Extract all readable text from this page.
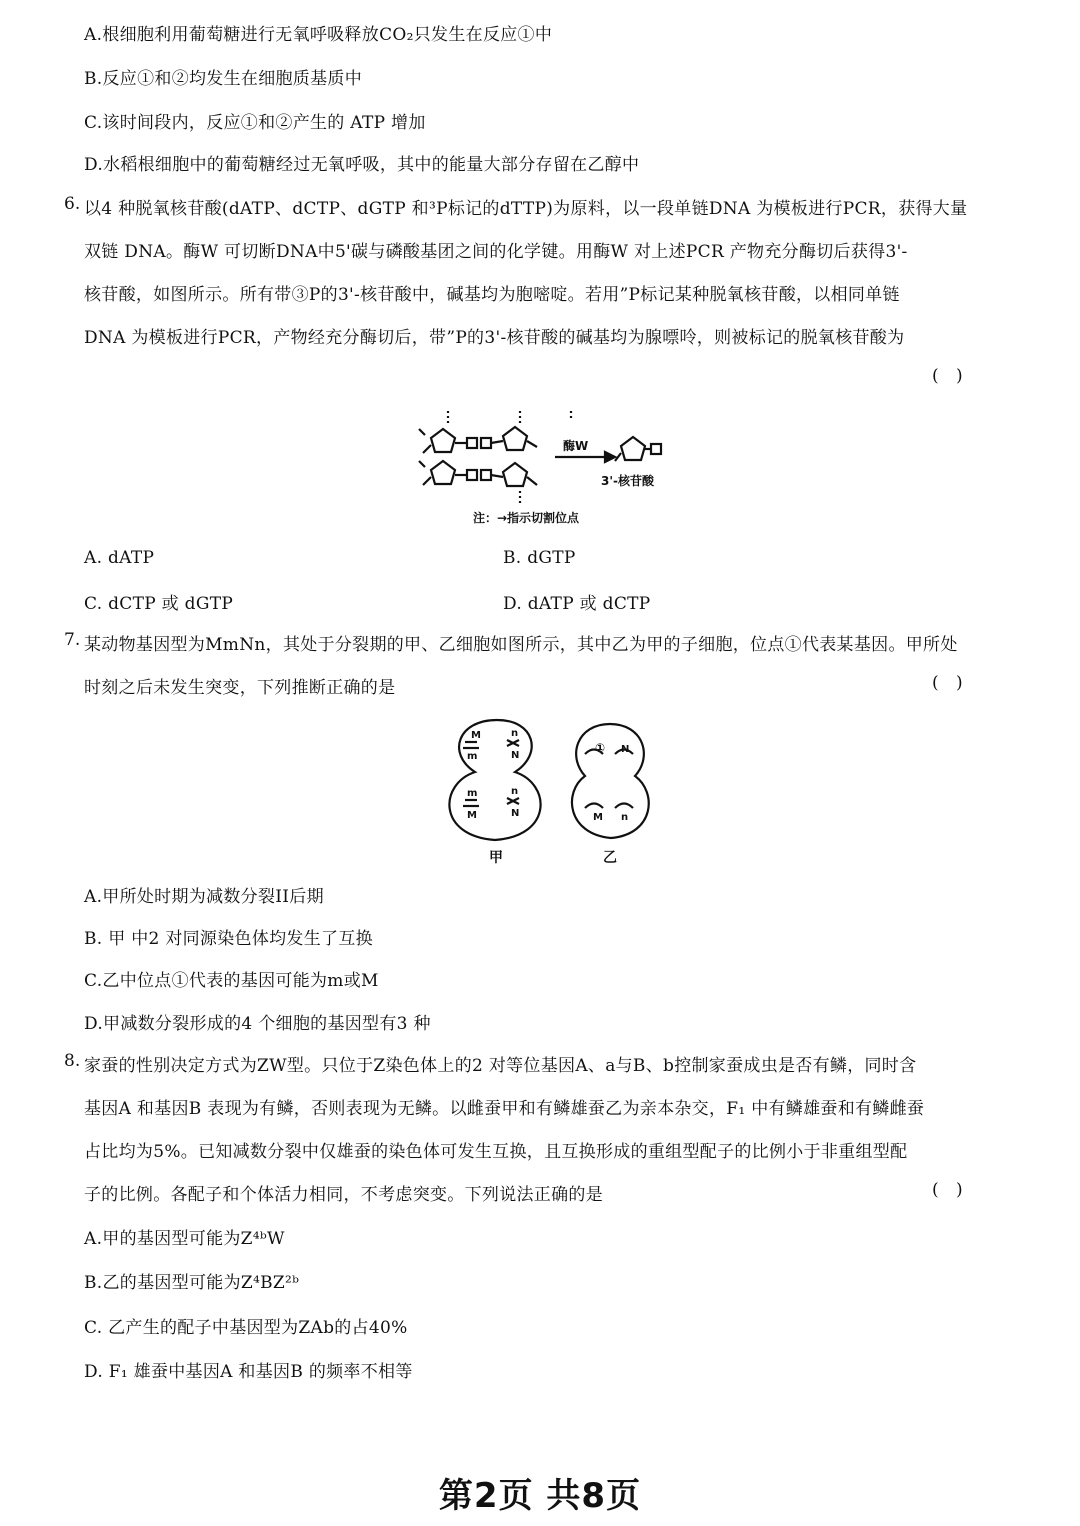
A.根细胞利用葡萄糖进行无氧呼吸释放CO₂只发生在反应①中
B.反应①和②均发生在细胞质基质中
C.该时间段内，反应①和②产生的 ATP 增加
D.水稻根细胞中的葡萄糖经过无氧呼吸，其中的能量大部分存留在乙醇中
6. 以4 种脱氧核苷酸(dATP、dCTP、dGTP 和³P标记的dTTP)为原料，以一段单链DNA 为模板进行PCR，获得大量
双链 DNA。酶W 可切断DNA中5'碳与磷酸基团之间的化学键。用酶W 对上述PCR 产物充分酶切后获得3'-
核苷酸，如图所示。所有带③P的3'-核苷酸中，碱基均为胞嘧啶。若用”P标记某种脱氧核苷酸，以相同单链
DNA 为模板进行PCR，产物经充分酶切后，带”P的3'-核苷酸的碱基均为腺嘌呤，则被标记的脱氧核苷酸为
( )
酶W
3'-核苷酸
注：→指示切割位点
A. dATP	B. dGTP
C. dCTP 或 dGTP	D. dATP 或 dCTP
7. 某动物基因型为MmNn，其处于分裂期的甲、乙细胞如图所示，其中乙为甲的子细胞，位点①代表某基因。甲所处
时刻之后未发生突变，下列推断正确的是	( )
M
m
n
N
m
M
n
N
① N
M n
甲	乙
A.甲所处时期为减数分裂II后期
B. 甲 中2 对同源染色体均发生了互换
C.乙中位点①代表的基因可能为m或M
D.甲减数分裂形成的4 个细胞的基因型有3 种
8. 家蚕的性别决定方式为ZW型。只位于Z染色体上的2 对等位基因A、a与B、b控制家蚕成虫是否有鳞，同时含
基因A 和基因B 表现为有鳞，否则表现为无鳞。以雌蚕甲和有鳞雄蚕乙为亲本杂交，F₁ 中有鳞雄蚕和有鳞雌蚕
占比均为5%。已知减数分裂中仅雄蚕的染色体可发生互换，且互换形成的重组型配子的比例小于非重组型配
子的比例。各配子和个体活力相同，不考虑突变。下列说法正确的是	( )
A.甲的基因型可能为Z⁴ᵇW
B.乙的基因型可能为Z⁴BZ²ᵇ
C. 乙产生的配子中基因型为ZAb的占40%
D. F₁ 雄蚕中基因A 和基因B 的频率不相等
第2页 共8页
